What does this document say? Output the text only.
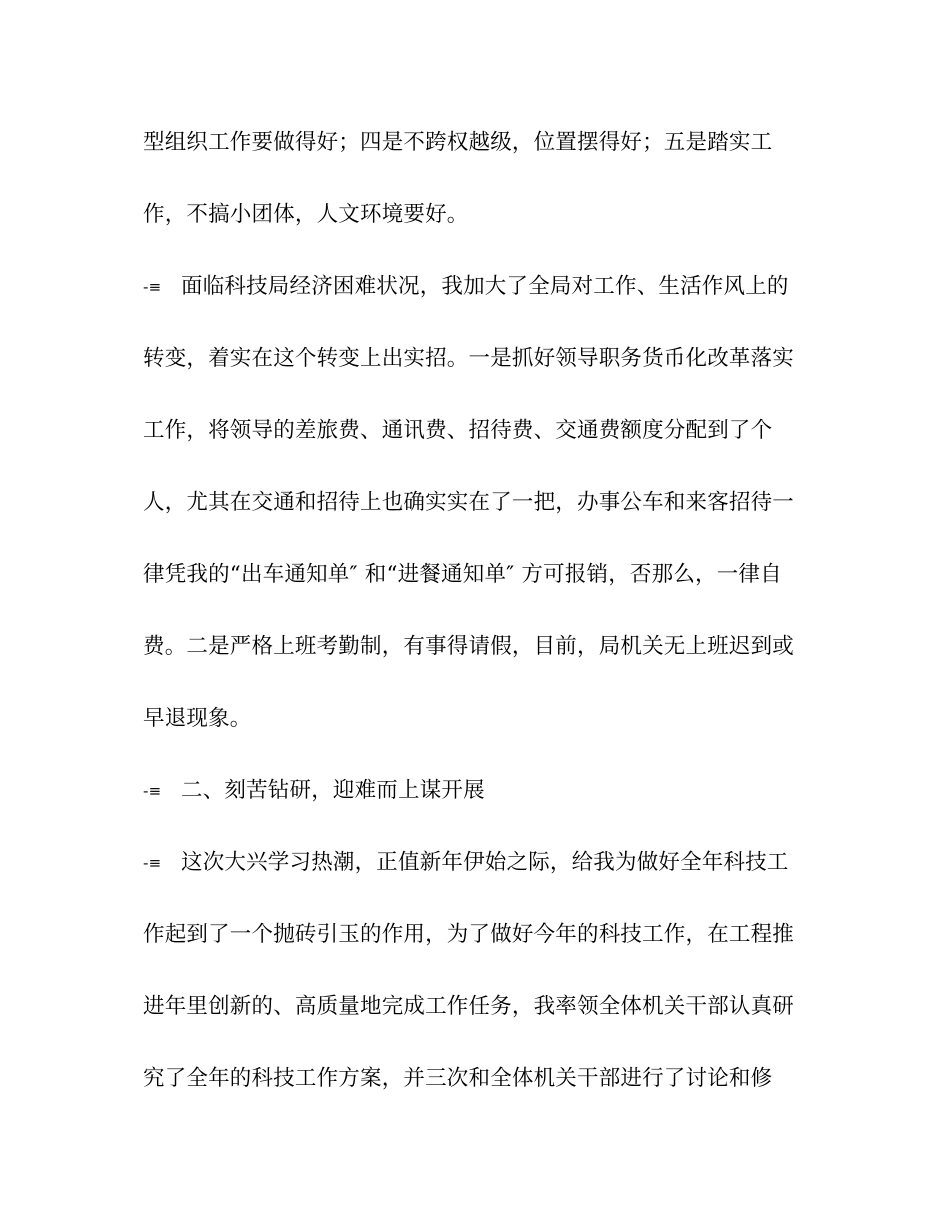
型组织工作要做得好；四是不跨权越级，位置摆得好；五是踏实工
作，不搞小团体，人文环境要好。
-≡ 面临科技局经济困难状况，我加大了全局对工作、生活作风上的
转变，着实在这个转变上出实招。一是抓好领导职务货币化改革落实
工作，将领导的差旅费、通讯费、招待费、交通费额度分配到了个
人，尤其在交通和招待上也确实实在了一把，办事公车和来客招待一
律凭我的“出车通知单″ 和“进餐通知单″ 方可报销，否那么，一律自
费。二是严格上班考勤制，有事得请假，目前，局机关无上班迟到或
早退现象。
-≡ 二、刻苦钻研，迎难而上谋开展
-≡ 这次大兴学习热潮，正值新年伊始之际，给我为做好全年科技工
作起到了一个抛砖引玉的作用，为了做好今年的科技工作，在工程推
进年里创新的、高质量地完成工作任务，我率领全体机关干部认真研
究了全年的科技工作方案，并三次和全体机关干部进行了讨论和修
